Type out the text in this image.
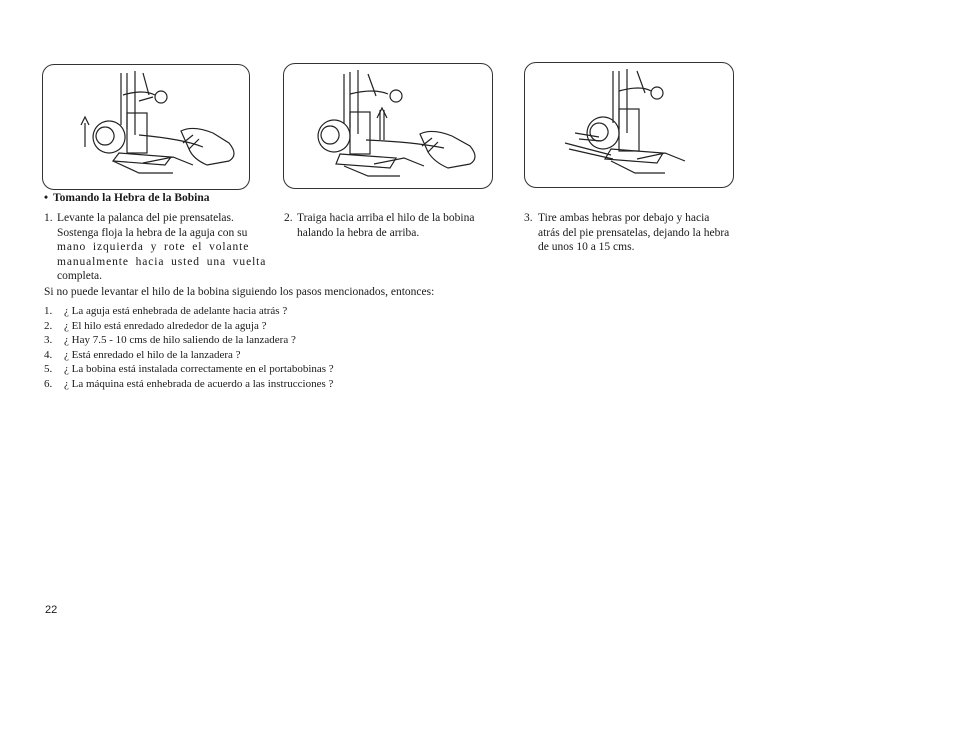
• Tomando la Hebra de la Bobina
1. Levante la palanca del pie prensatelas.
Sostenga floja la hebra de la aguja con su
mano izquierda y rote el volante
manualmente hacia usted una vuelta
completa.
2. Traiga hacia arriba el hilo de la bobina
halando la hebra de arriba.
3. Tire ambas hebras por debajo y hacia
atrás del pie prensatelas, dejando la hebra
de unos 10 a 15 cms.
Si no puede levantar el hilo de la bobina siguiendo los pasos mencionados, entonces:
1. ¿ La aguja está enhebrada de adelante hacia atrás ?
2. ¿ El hilo está enredado alrededor de la aguja ?
3. ¿ Hay 7.5 - 10 cms de hilo saliendo de la lanzadera ?
4. ¿ Está enredado el hilo de la lanzadera ?
5. ¿ La bobina está instalada correctamente en el portabobinas ?
6. ¿ La máquina está enhebrada de acuerdo a las instrucciones ?
22
